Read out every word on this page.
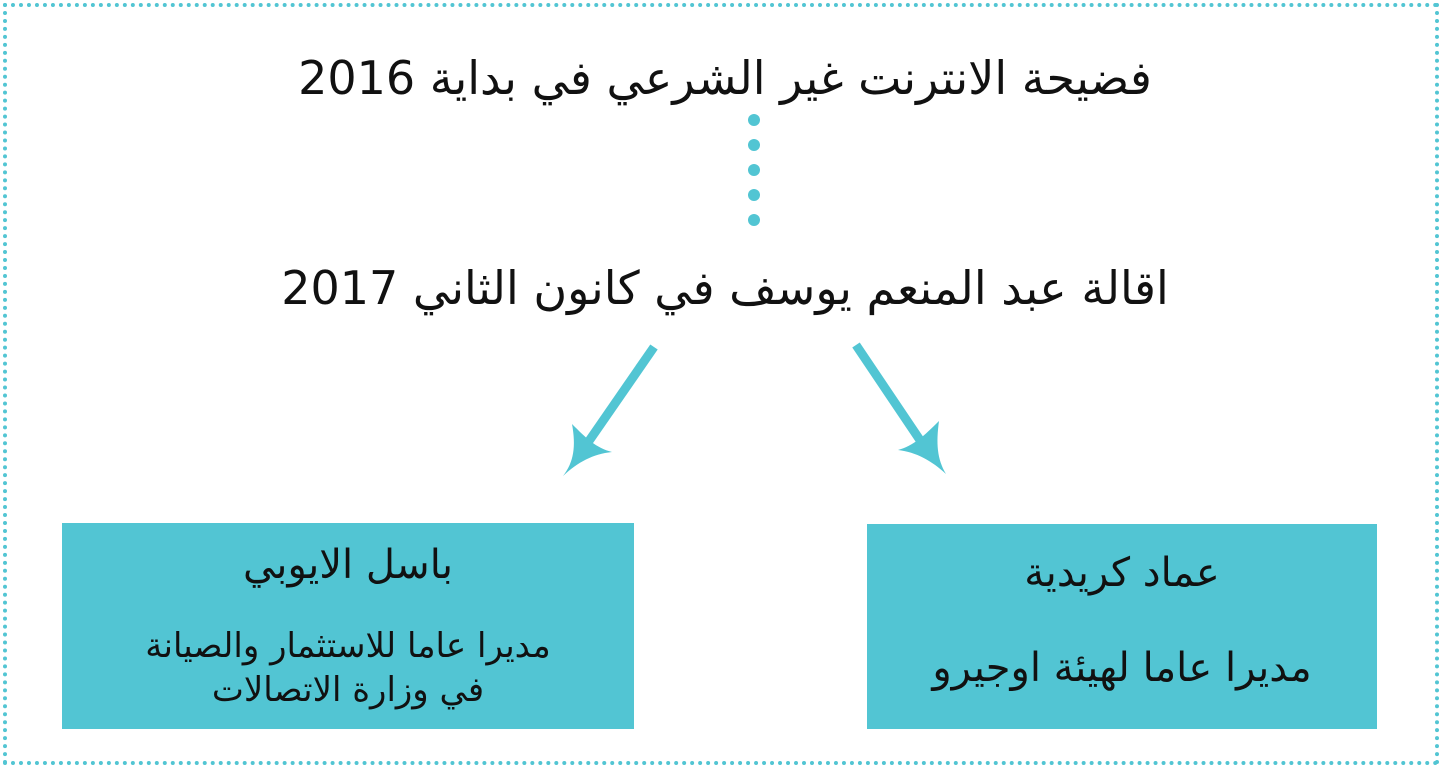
فضيحة الانترنت غير الشرعي في بداية 2016
اقالة عبد المنعم يوسف في كانون الثاني 2017
باسل الايوبي
مديرا عاما للاستثمار والصيانة
في وزارة الاتصالات
عماد كريدية
مديرا عاما لهيئة اوجيرو
